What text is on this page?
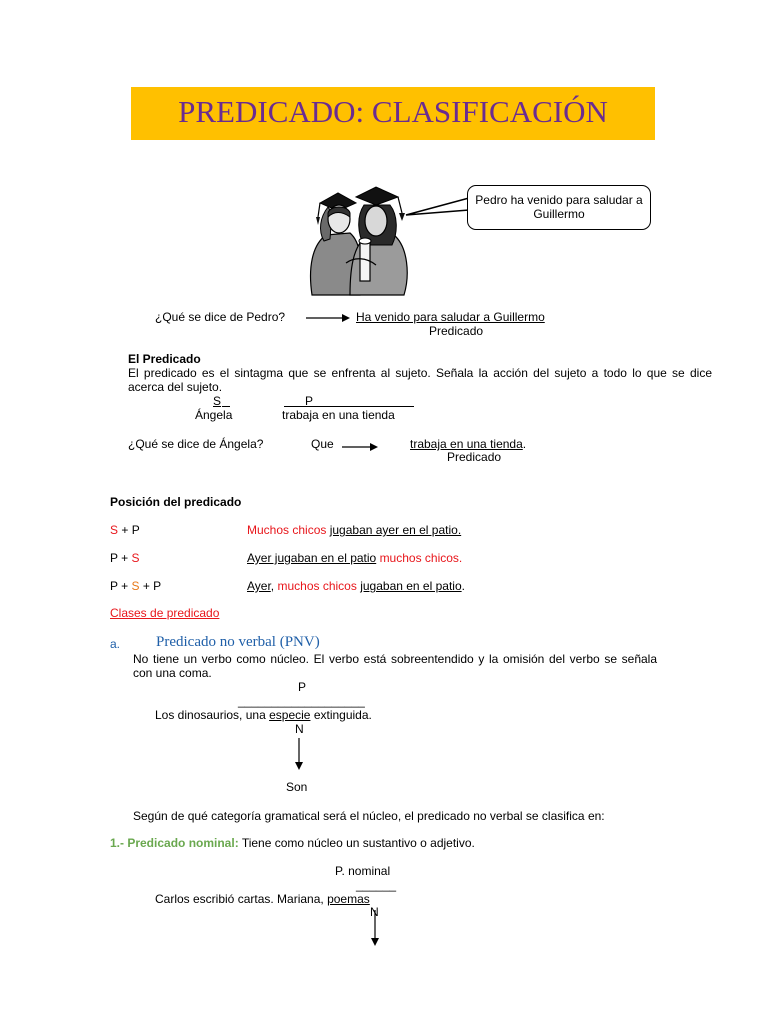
PREDICADO: CLASIFICACIÓN
Pedro ha venido para saludar a Guillermo
¿Qué se dice de Pedro?	Ha venido para saludar a Guillermo
Predicado
El Predicado
El predicado es el sintagma que se enfrenta al sujeto. Señala la acción del sujeto a todo lo que se dice acerca del sujeto.
S	P
Ángela	trabaja en una tienda
¿Qué se dice de Ángela?	Que	trabaja en una tienda.
Predicado
Posición del predicado
S + P	Muchos chicos jugaban ayer en el patio.
P + S	Ayer jugaban en el patio muchos chicos.
P + S + P	Ayer, muchos chicos jugaban en el patio.
Clases de predicado
a. Predicado no verbal (PNV)
No tiene un verbo como núcleo. El verbo está sobreentendido y la omisión del verbo se señala con una coma.
P
___________________
Los dinosaurios, una especie extinguida.
N
Son
Según de qué categoría gramatical será el núcleo, el predicado no verbal se clasifica en:
1.- Predicado nominal: Tiene como núcleo un sustantivo o adjetivo.
P. nominal
______
Carlos escribió cartas. Mariana, poemas
N
